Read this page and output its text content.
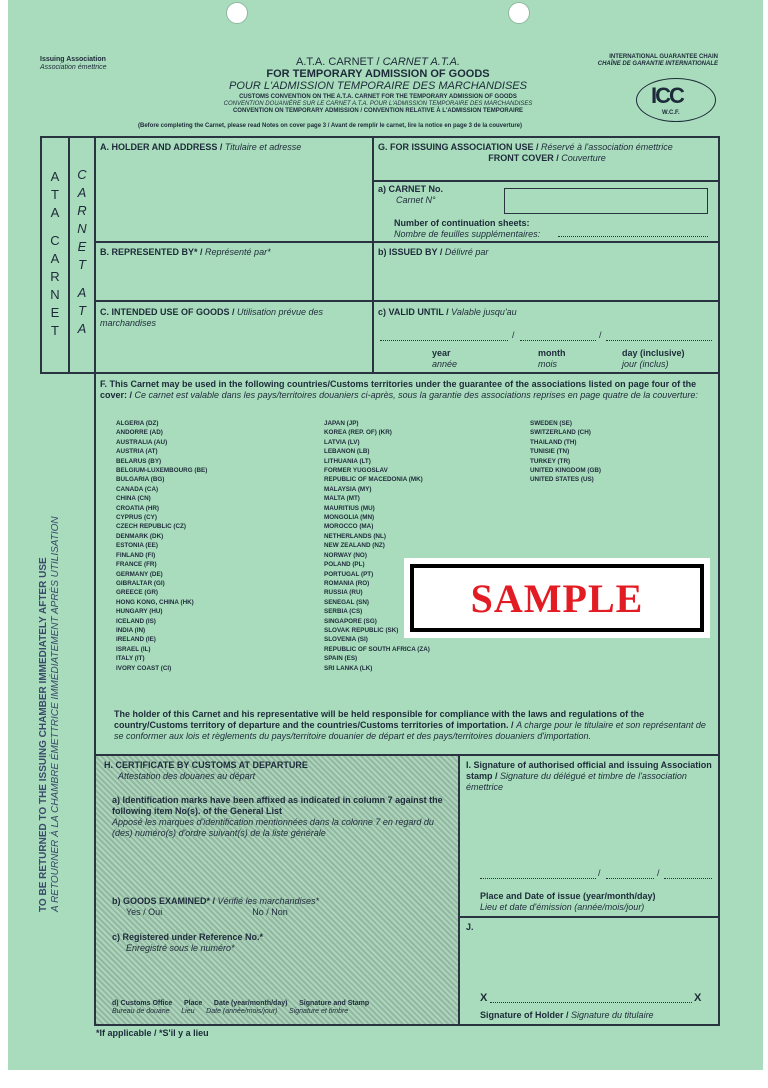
Issuing Association
Association émettrice	A.T.A. CARNET / CARNET A.T.A.
FOR TEMPORARY ADMISSION OF GOODS
POUR L'ADMISSION TEMPORAIRE DES MARCHANDISES
CUSTOMS CONVENTION ON THE A.T.A. CARNET FOR THE TEMPORARY ADMISSION OF GOODS
CONVENTION DOUANIÈRE SUR LE CARNET A.T.A. POUR L'ADMISSION TEMPORAIRE DES MARCHANDISES
CONVENTION ON TEMPORARY ADMISSION / CONVENTION RELATIVE À L'ADMISSION TEMPORAIRE
INTERNATIONAL GUARANTEE CHAIN
CHAÎNE DE GARANTIE INTERNATIONALE
ICC
W.C.F.
(Before completing the Carnet, please read Notes on cover page 3 / Avant de remplir le carnet, lire la notice en page 3 de la couverture)
A
T
A
C
A
R
N
E
T
C
A
R
N
E
T
A
T
A
A. HOLDER AND ADDRESS / Titulaire et adresse
B. REPRESENTED BY* / Représenté par*
C. INTENDED USE OF GOODS / Utilisation prévue des marchandises
G. FOR ISSUING ASSOCIATION USE / Réservé à l'association émettrice
FRONT COVER / Couverture
a) CARNET No.
Carnet N°
Number of continuation sheets:
Nombre de feuilles supplémentaires:
b) ISSUED BY / Délivré par
c) VALID UNTIL / Valable jusqu'au
/	/
year
année
month
mois
day (inclusive)
jour (inclus)
F. This Carnet may be used in the following countries/Customs territories under the guarantee of the associations listed on page four of the cover: / Ce carnet est valable dans les pays/territoires douaniers ci-après, sous la garantie des associations reprises en page quatre de la couverture:
ALGERIA (DZ)
ANDORRE (AD)
AUSTRALIA (AU)
AUSTRIA (AT)
BELARUS (BY)
BELGIUM-LUXEMBOURG (BE)
BULGARIA (BG)
CANADA (CA)
CHINA (CN)
CROATIA (HR)
CYPRUS (CY)
CZECH REPUBLIC (CZ)
DENMARK (DK)
ESTONIA (EE)
FINLAND (FI)
FRANCE (FR)
GERMANY (DE)
GIBRALTAR (GI)
GREECE (GR)
HONG KONG, CHINA (HK)
HUNGARY (HU)
ICELAND (IS)
INDIA (IN)
IRELAND (IE)
ISRAEL (IL)
ITALY (IT)
IVORY COAST (CI)
JAPAN (JP)
KOREA (REP. OF) (KR)
LATVIA (LV)
LEBANON (LB)
LITHUANIA (LT)
FORMER YUGOSLAV
REPUBLIC OF MACEDONIA (MK)
MALAYSIA (MY)
MALTA (MT)
MAURITIUS (MU)
MONGOLIA (MN)
MOROCCO (MA)
NETHERLANDS (NL)
NEW ZEALAND (NZ)
NORWAY (NO)
POLAND (PL)
PORTUGAL (PT)
ROMANIA (RO)
RUSSIA (RU)
SENEGAL (SN)
SERBIA (CS)
SINGAPORE (SG)
SLOVAK REPUBLIC (SK)
SLOVENIA (SI)
REPUBLIC OF SOUTH AFRICA (ZA)
SPAIN (ES)
SRI LANKA (LK)
SWEDEN (SE)
SWITZERLAND (CH)
THAILAND (TH)
TUNISIE (TN)
TURKEY (TR)
UNITED KINGDOM (GB)
UNITED STATES (US)
TO BE RETURNED TO THE ISSUING CHAMBER IMMEDIATELY AFTER USE A RETOURNER À LA CHAMBRE ÉMETTRICE IMMÉDIATEMENT APRÈS UTILISATION	SAMPLE
The holder of this Carnet and his representative will be held responsible for compliance with the laws and regulations of the country/Customs territory of departure and the countries/Customs territories of importation. / A charge pour le titulaire et son représentant de se conformer aux lois et règlements du pays/territoire douanier de départ et des pays/territoires douaniers d'importation.
H. CERTIFICATE BY CUSTOMS AT DEPARTURE
Attestation des douanes au départ
a) Identification marks have been affixed as indicated in column 7 against the following item No(s). of the General List
Apposé les marques d'identification mentionnées dans la colonne 7 en regard du (des) numéro(s) d'ordre suivant(s) de la liste générale
b) GOODS EXAMINED* / Vérifié les marchandises*
Yes / Oui	No / Non
c) Registered under Reference No.*
Enregistré sous le numéro*
d) Customs Office      Place      Date (year/month/day)      Signature and Stamp
Bureau de douane      Lieu      Date (année/mois/jour)      Signature et timbre
I. Signature of authorised official and issuing Association stamp / Signature du délégué et timbre de l'association émettrice
/	/
Place and Date of issue (year/month/day)
Lieu et date d'émission (année/mois/jour)
J.
X	X
Signature of Holder / Signature du titulaire
*If applicable / *S'il y a lieu
